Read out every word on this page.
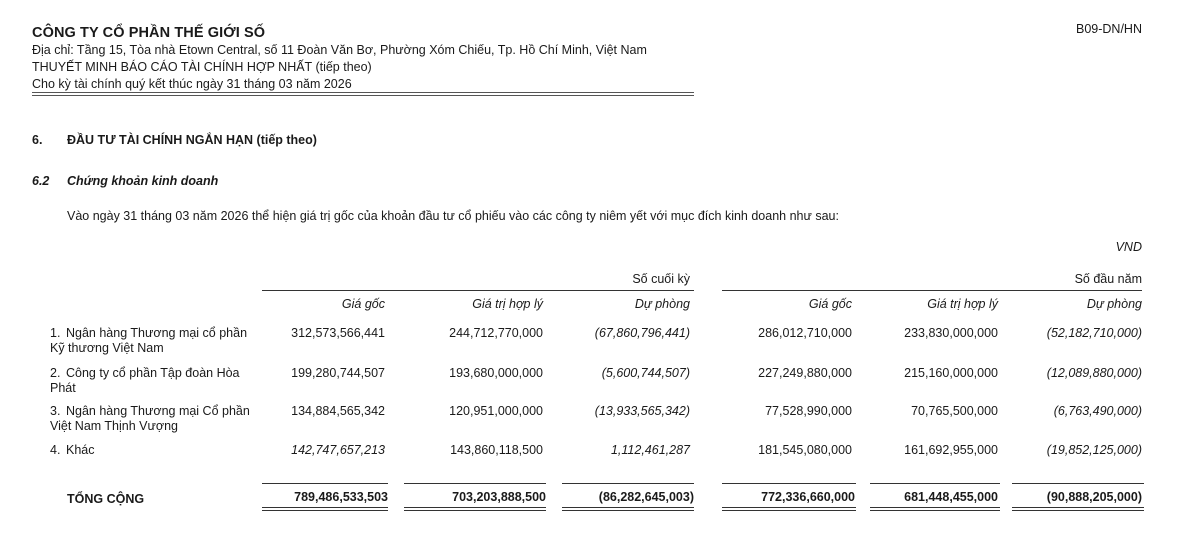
CÔNG TY CỔ PHẦN THẾ GIỚI SỐ	B09-DN/HN
Địa chỉ: Tầng 15, Tòa nhà Etown Central, số 11 Đoàn Văn Bơ, Phường Xóm Chiếu, Tp. Hồ Chí Minh, Việt Nam
THUYẾT MINH BÁO CÁO TÀI CHÍNH HỢP NHẤT (tiếp theo)
Cho kỳ tài chính quý kết thúc ngày 31 tháng 03 năm 2026
6. ĐẦU TƯ TÀI CHÍNH NGẮN HẠN (tiếp theo)
6.2 Chứng khoản kinh doanh
Vào ngày 31 tháng 03 năm 2026 thể hiện giá trị gốc của khoản đầu tư cổ phiếu vào các công ty niêm yết với mục đích kinh doanh như sau:
VND
Số cuối kỳ	Số đầu năm
Giá gốc	Giá trị hợp lý	Dự phòng	Giá gốc	Giá trị hợp lý	Dự phòng
1. Ngân hàng Thương mại cổ phần Kỹ thương Việt Nam
312,573,566,441	244,712,770,000	(67,860,796,441)	286,012,710,000	233,830,000,000	(52,182,710,000)
2. Công ty cổ phần Tập đoàn Hòa Phát
199,280,744,507	193,680,000,000	(5,600,744,507)	227,249,880,000	215,160,000,000	(12,089,880,000)
3. Ngân hàng Thương mại Cổ phần Việt Nam Thịnh Vượng
134,884,565,342	120,951,000,000	(13,933,565,342)	77,528,990,000	70,765,500,000	(6,763,490,000)
4. Khác	142,747,657,213	143,860,118,500	1,112,461,287	181,545,080,000	161,692,955,000	(19,852,125,000)
TỔNG CỘNG	789,486,533,503	703,203,888,500	(86,282,645,003)	772,336,660,000	681,448,455,000	(90,888,205,000)
